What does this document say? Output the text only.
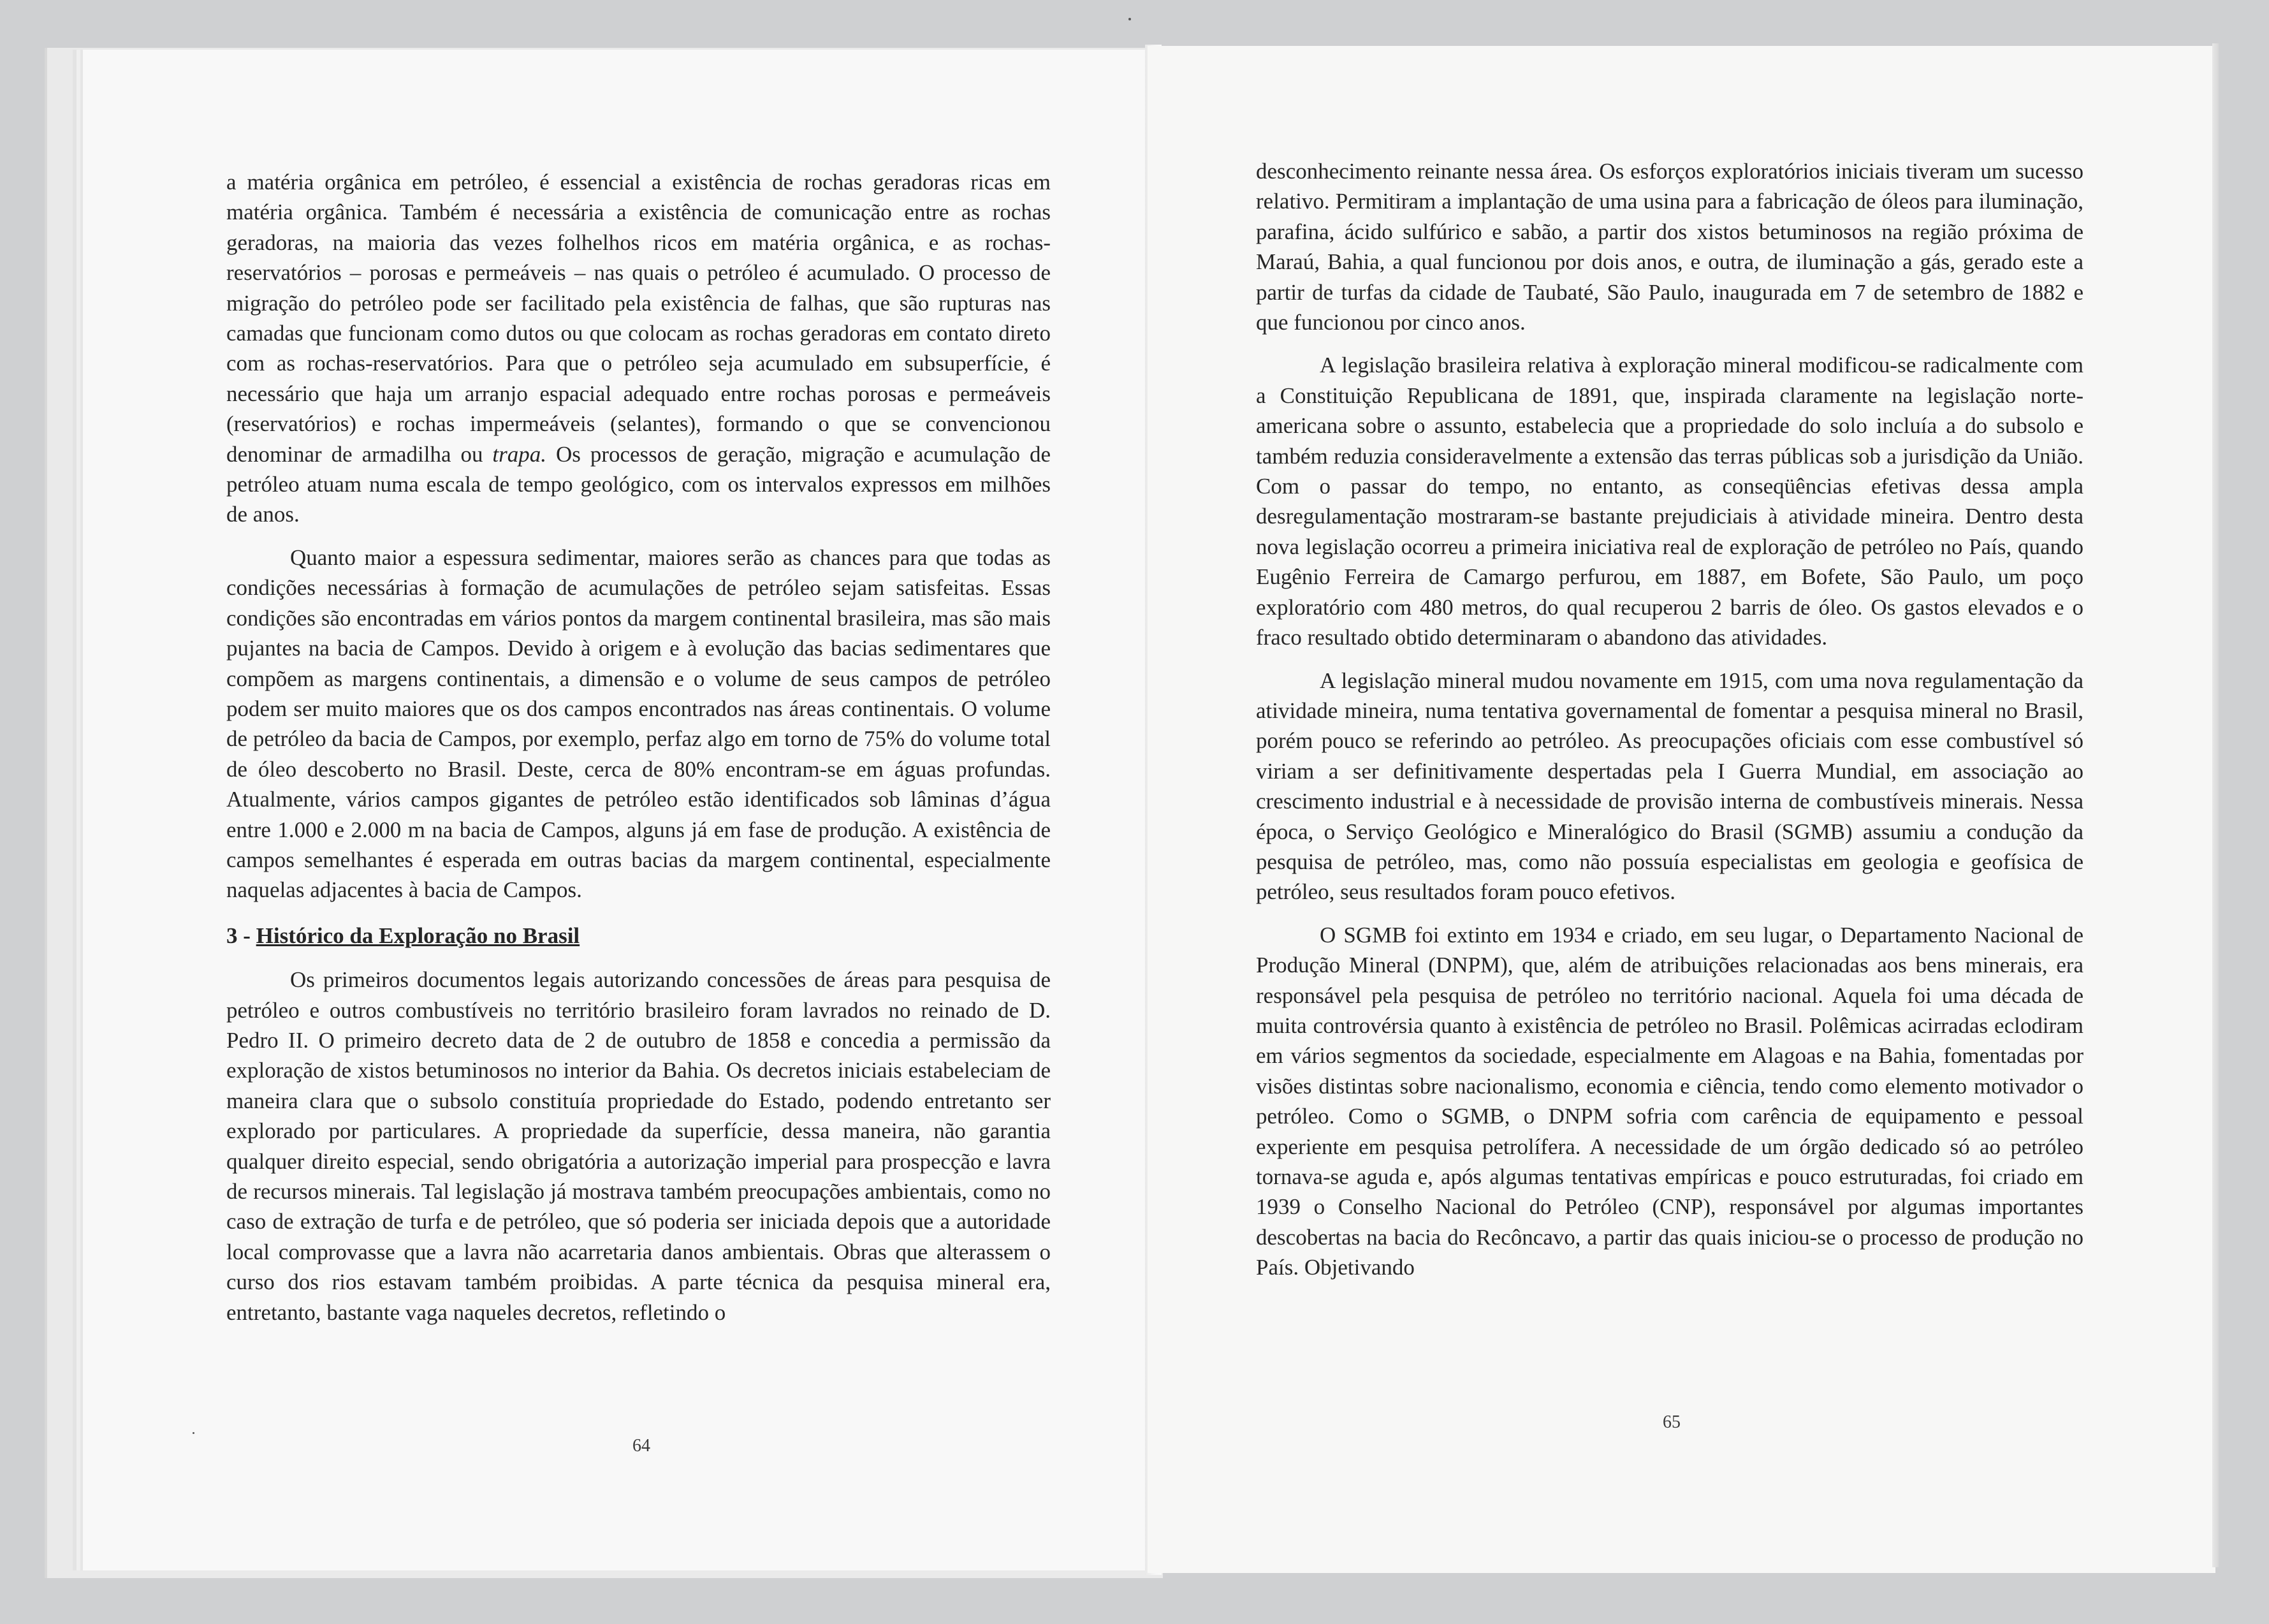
a matéria orgânica em petróleo, é essencial a existência de rochas geradoras ricas em matéria orgânica. Também é necessária a existência de comunicação entre as rochas geradoras, na maioria das vezes folhelhos ricos em matéria orgânica, e as rochas-reservatórios – porosas e permeáveis – nas quais o petróleo é acumulado. O processo de migração do petróleo pode ser facilitado pela existência de falhas, que são rupturas nas camadas que funcionam como dutos ou que colocam as rochas geradoras em contato direto com as rochas-reservatórios. Para que o petróleo seja acumulado em subsuperfície, é necessário que haja um arranjo espacial adequado entre rochas porosas e permeáveis (reservatórios) e rochas impermeáveis (selantes), formando o que se convencionou denominar de armadilha ou trapa. Os processos de geração, migração e acumulação de petróleo atuam numa escala de tempo geológico, com os intervalos expressos em milhões de anos.

Quanto maior a espessura sedimentar, maiores serão as chances para que todas as condições necessárias à formação de acumulações de petróleo sejam satisfeitas. Essas condições são encontradas em vários pontos da margem continental brasileira, mas são mais pujantes na bacia de Campos. Devido à origem e à evolução das bacias sedimentares que compõem as margens continentais, a dimensão e o volume de seus campos de petróleo podem ser muito maiores que os dos campos encontrados nas áreas continentais. O volume de petróleo da bacia de Campos, por exemplo, perfaz algo em torno de 75% do volume total de óleo descoberto no Brasil. Deste, cerca de 80% encontram-se em águas profundas. Atualmente, vários campos gigantes de petróleo estão identificados sob lâminas d’água entre 1.000 e 2.000 m na bacia de Campos, alguns já em fase de produção. A existência de campos semelhantes é esperada em outras bacias da margem continental, especialmente naquelas adjacentes à bacia de Campos.

3 - Histórico da Exploração no Brasil

Os primeiros documentos legais autorizando concessões de áreas para pesquisa de petróleo e outros combustíveis no território brasileiro foram lavrados no reinado de D. Pedro II. O primeiro decreto data de 2 de outubro de 1858 e concedia a permissão da exploração de xistos betuminosos no interior da Bahia. Os decretos iniciais estabeleciam de maneira clara que o subsolo constituía propriedade do Estado, podendo entretanto ser explorado por particulares. A propriedade da superfície, dessa maneira, não garantia qualquer direito especial, sendo obrigatória a autorização imperial para prospecção e lavra de recursos minerais. Tal legislação já mostrava também preocupações ambientais, como no caso de extração de turfa e de petróleo, que só poderia ser iniciada depois que a autoridade local comprovasse que a lavra não acarretaria danos ambientais. Obras que alterassem o curso dos rios estavam também proibidas. A parte técnica da pesquisa mineral era, entretanto, bastante vaga naqueles decretos, refletindo o

64

desconhecimento reinante nessa área. Os esforços exploratórios iniciais tiveram um sucesso relativo. Permitiram a implantação de uma usina para a fabricação de óleos para iluminação, parafina, ácido sulfúrico e sabão, a partir dos xistos betuminosos na região próxima de Maraú, Bahia, a qual funcionou por dois anos, e outra, de iluminação a gás, gerado este a partir de turfas da cidade de Taubaté, São Paulo, inaugurada em 7 de setembro de 1882 e que funcionou por cinco anos.

A legislação brasileira relativa à exploração mineral modificou-se radicalmente com a Constituição Republicana de 1891, que, inspirada claramente na legislação norte-americana sobre o assunto, estabelecia que a propriedade do solo incluía a do subsolo e também reduzia consideravelmente a extensão das terras públicas sob a jurisdição da União. Com o passar do tempo, no entanto, as conseqüências efetivas dessa ampla desregulamentação mostraram-se bastante prejudiciais à atividade mineira. Dentro desta nova legislação ocorreu a primeira iniciativa real de exploração de petróleo no País, quando Eugênio Ferreira de Camargo perfurou, em 1887, em Bofete, São Paulo, um poço exploratório com 480 metros, do qual recuperou 2 barris de óleo. Os gastos elevados e o fraco resultado obtido determinaram o abandono das atividades.

A legislação mineral mudou novamente em 1915, com uma nova regulamentação da atividade mineira, numa tentativa governamental de fomentar a pesquisa mineral no Brasil, porém pouco se referindo ao petróleo. As preocupações oficiais com esse combustível só viriam a ser definitivamente despertadas pela I Guerra Mundial, em associação ao crescimento industrial e à necessidade de provisão interna de combustíveis minerais. Nessa época, o Serviço Geológico e Mineralógico do Brasil (SGMB) assumiu a condução da pesquisa de petróleo, mas, como não possuía especialistas em geologia e geofísica de petróleo, seus resultados foram pouco efetivos.

O SGMB foi extinto em 1934 e criado, em seu lugar, o Departamento Nacional de Produção Mineral (DNPM), que, além de atribuições relacionadas aos bens minerais, era responsável pela pesquisa de petróleo no território nacional. Aquela foi uma década de muita controvérsia quanto à existência de petróleo no Brasil. Polêmicas acirradas eclodiram em vários segmentos da sociedade, especialmente em Alagoas e na Bahia, fomentadas por visões distintas sobre nacionalismo, economia e ciência, tendo como elemento motivador o petróleo. Como o SGMB, o DNPM sofria com carência de equipamento e pessoal experiente em pesquisa petrolífera. A necessidade de um órgão dedicado só ao petróleo tornava-se aguda e, após algumas tentativas empíricas e pouco estruturadas, foi criado em 1939 o Conselho Nacional do Petróleo (CNP), responsável por algumas importantes descobertas na bacia do Recôncavo, a partir das quais iniciou-se o processo de produção no País. Objetivando

65
